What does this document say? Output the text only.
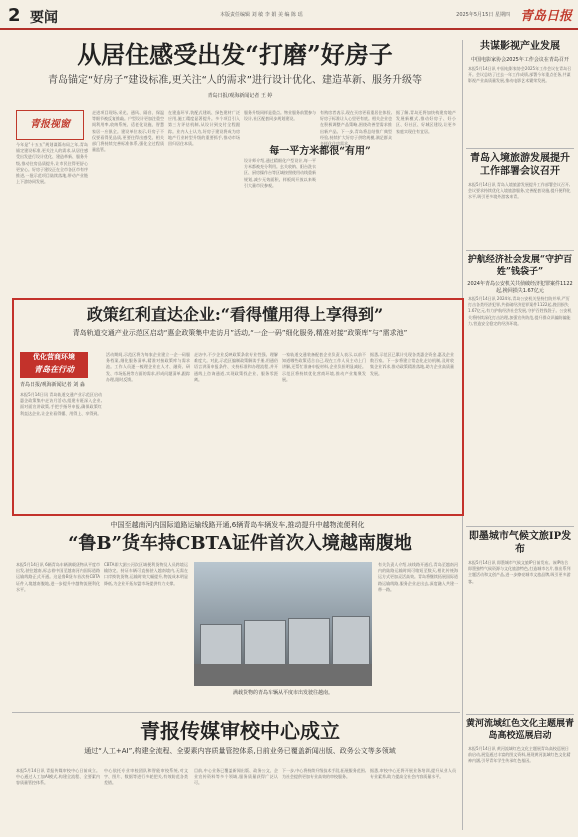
2 要闻	本版责任编辑 刘 敏 李 娟 美 编 陈 瑶	2025年5月15日 星期四 青岛日报
从居住感受出发“打磨”好房子
青岛锚定“好房子”建设标准,更关注“人的需求”进行设计优化、建造革新、服务升级等
青岛日报/观海新闻记者 王 婷
青报视窗
今年是“十五五”规划谋篇布局之年,青岛锚定建设标准,更关注人的需求,从居住感受出发进行设计优化、建造革新、服务升级,推动住房品质提升,让市民住得更舒心更安心。好房子建设正在全市各区市有序推进,一批示范项目陆续落地,带动产业链上下游协同发展。
走进项目现场,采光、通风、隔音、保温等细节被反复推敲。户型设计更加注重空间利用率,收纳系统、适老化设施、智慧家居一应俱全。建设单位表示,好房子不仅要看得见品质,更要住得出感受。相关部门将持续完善标准体系,强化全过程质量监管。
在建造环节,装配式建筑、绿色建材广泛应用,施工精度显著提升。多个项目引入第三方评估机制,从设计到交付全程跟踪。业内人士认为,好房子建设将成为房地产行业转型升级的重要抓手,推动市场回归居住本质。
服务升级同样是重点。物业服务前置参与设计,社区配套同步规划建设。
每一平方米都很“有用”
设计师介绍,通过精细化户型设计,每一平方米都被充分利用。玄关收纳、阳台洗衣区、厨房操作台等区域按照使用动线重新规划,减少无效面积。样板间开放以来吸引大量市民参观。
有购房者表示,现在买房更看重居住体验,好房子标准让人心里更有底。相关企业也在积极调整产品策略,围绕改善型需求推出新产品。下一步,青岛将总结推广典型经验,持续扩大好房子供给规模,满足群众多样化住房需求。
据了解,青岛还将加快构建房地产发展新模式,推动好房子、好小区、好社区、好城区建设,让更多家庭实现住有宜居。
政策红利直达企业:“看得懂用得上享得到”
青岛轨道交通产业示范区启动“惠企政策集中走访月”活动,“一企一码”细化服务,精准对接“政策库”与“需求池”
优化营商环境
青岛在行动
青岛日报/观海新闻记者 刘 淼
本报5月14日讯 青岛轨道交通产业示范区启动惠企政策集中走访月活动,组建专班深入企业,面对面宣讲政策,手把手指导申报,确保政策红利直达企业,让企业看得懂、用得上、享得到。
活动期间,示范区将为每家企业建立一企一码服务档案,细化服务清单,精准对接政策库与需求池。工作人员逐一梳理企业在人才、融资、研发、市场拓展等方面的需求,形成问题清单,跟踪办理,限时反馈。
走访中,不少企业反映政策条款专业性强、理解难度大。对此,示范区编制政策解读手册,用通俗语言讲清申报条件、支持标准和办理流程,并开通线上咨询通道,实现政策找企业、服务零距离。
一家轨道交通装备配套企业负责人表示,以前不知道哪些政策适合自己,现在工作人员主动上门讲解,还帮忙准备申报材料,企业负担明显减轻。示范区将持续优化营商环境,推动产业集聚发展。
据悉,示范区已累计兑现各类惠企资金,惠及企业数百家。下一步将建立常态化走访机制,及时收集企业诉求,推动政策精准落地,助力企业高质量发展。
中国至越南河内国际道路运输线路开通,6辆青岛车辆发车,推动提升中越物流便利化
“鲁B”货车持CBTA证件首次入境越南腹地
本报5月14日讯 6辆青岛车辆满载货物从平度市出发,驶往越南,标志着中国至越南河内国际道路运输线路正式开通。这是鲁B货车首次持CBTA证件入境越南腹地,进一步提升中越物流便利化水平。
CBTA即大湄公河次区域便利货物及人员跨境运输协定。持证车辆可直接驶入越南境内,无需在口岸换装货物,运输时效大幅提升,物流成本明显降低,为企业开拓东盟市场提供有力支撑。
满载货物的青岛车辆从平度市出发驶往越南。
有关负责人介绍,该线路开通后,青岛至越南河内的陆路运输时间可缩短至数天,相比传统海运方式更加灵活高效。青岛将继续拓展国际道路运输线路,服务企业走出去,深度融入共建一带一路。
青报传媒审校中心成立
通过“人工+AI”,构建全流程、全要素内容质量管控体系,日前业务已覆盖新闻出版、政务公文等多领域
本报5月14日讯 青报传媒审校中心日前成立。中心通过人工加AI模式,构建全流程、全要素内容质量管控体系。
中心依托专业审校团队和智能审校系统,对文字、图片、数据等进行多轮把关,有效防范各类差错。
目前,中心业务已覆盖新闻出版、政务公文、企业宣传资料等多个领域,服务质量获得广泛认可。
下一步,中心将持续升级技术手段,拓展服务范围,为社会提供更加专业高效的审校服务。
据悉,审校中心还将开展业务培训,提升从业人员专业素养,助力提高全社会内容质量水平。
共谋影视产业发展
中国电影家协会2025年工作会议在青岛召开
本报5月14日讯 中国电影家协会2025年工作会议在青岛召开。会议总结了过去一年工作成绩,部署今年重点任务,共谋影视产业高质量发展,推动电影艺术繁荣发展。
青岛入境旅游发展提升工作部署会议召开
本报5月14日讯 青岛入境旅游发展提升工作部署会议召开,会议要求持续优化入境旅游服务,完善配套设施,提升便利化水平,吸引更多境外游客来青。
护航经济社会发展“守护百姓”钱袋子”
2024年青岛公安机关共侦破经济犯罪案件1122起,挽回损失1.67亿元
本报5月14日讯 2024年,青岛公安机关坚持打防并举,严厉打击各类经济犯罪,共侦破经济犯罪案件1122起,挽回损失1.67亿元,有力护航经济社会发展,守护百姓钱袋子。公安机关将持续深化打击治理,加强宣传防范,提升群众识骗防骗能力,营造安全稳定的经济环境。
即墨城市气候文旅IP发布
本报5月14日讯 即墨城市气候文旅IP日前发布。该IP结合即墨独特气候资源与文化旅游特色,打造城市名片,推出系列主题活动和文创产品,进一步擦亮城市文旅品牌,吸引更多游客。
黄河流域红色文化主题展青岛高校巡展启动
本报5月14日讯 黄河流域红色文化主题展青岛高校巡展日前启动,展览通过丰富的图文资料,展现黄河流域红色文化精神内涵,引导青年学生传承红色基因。
